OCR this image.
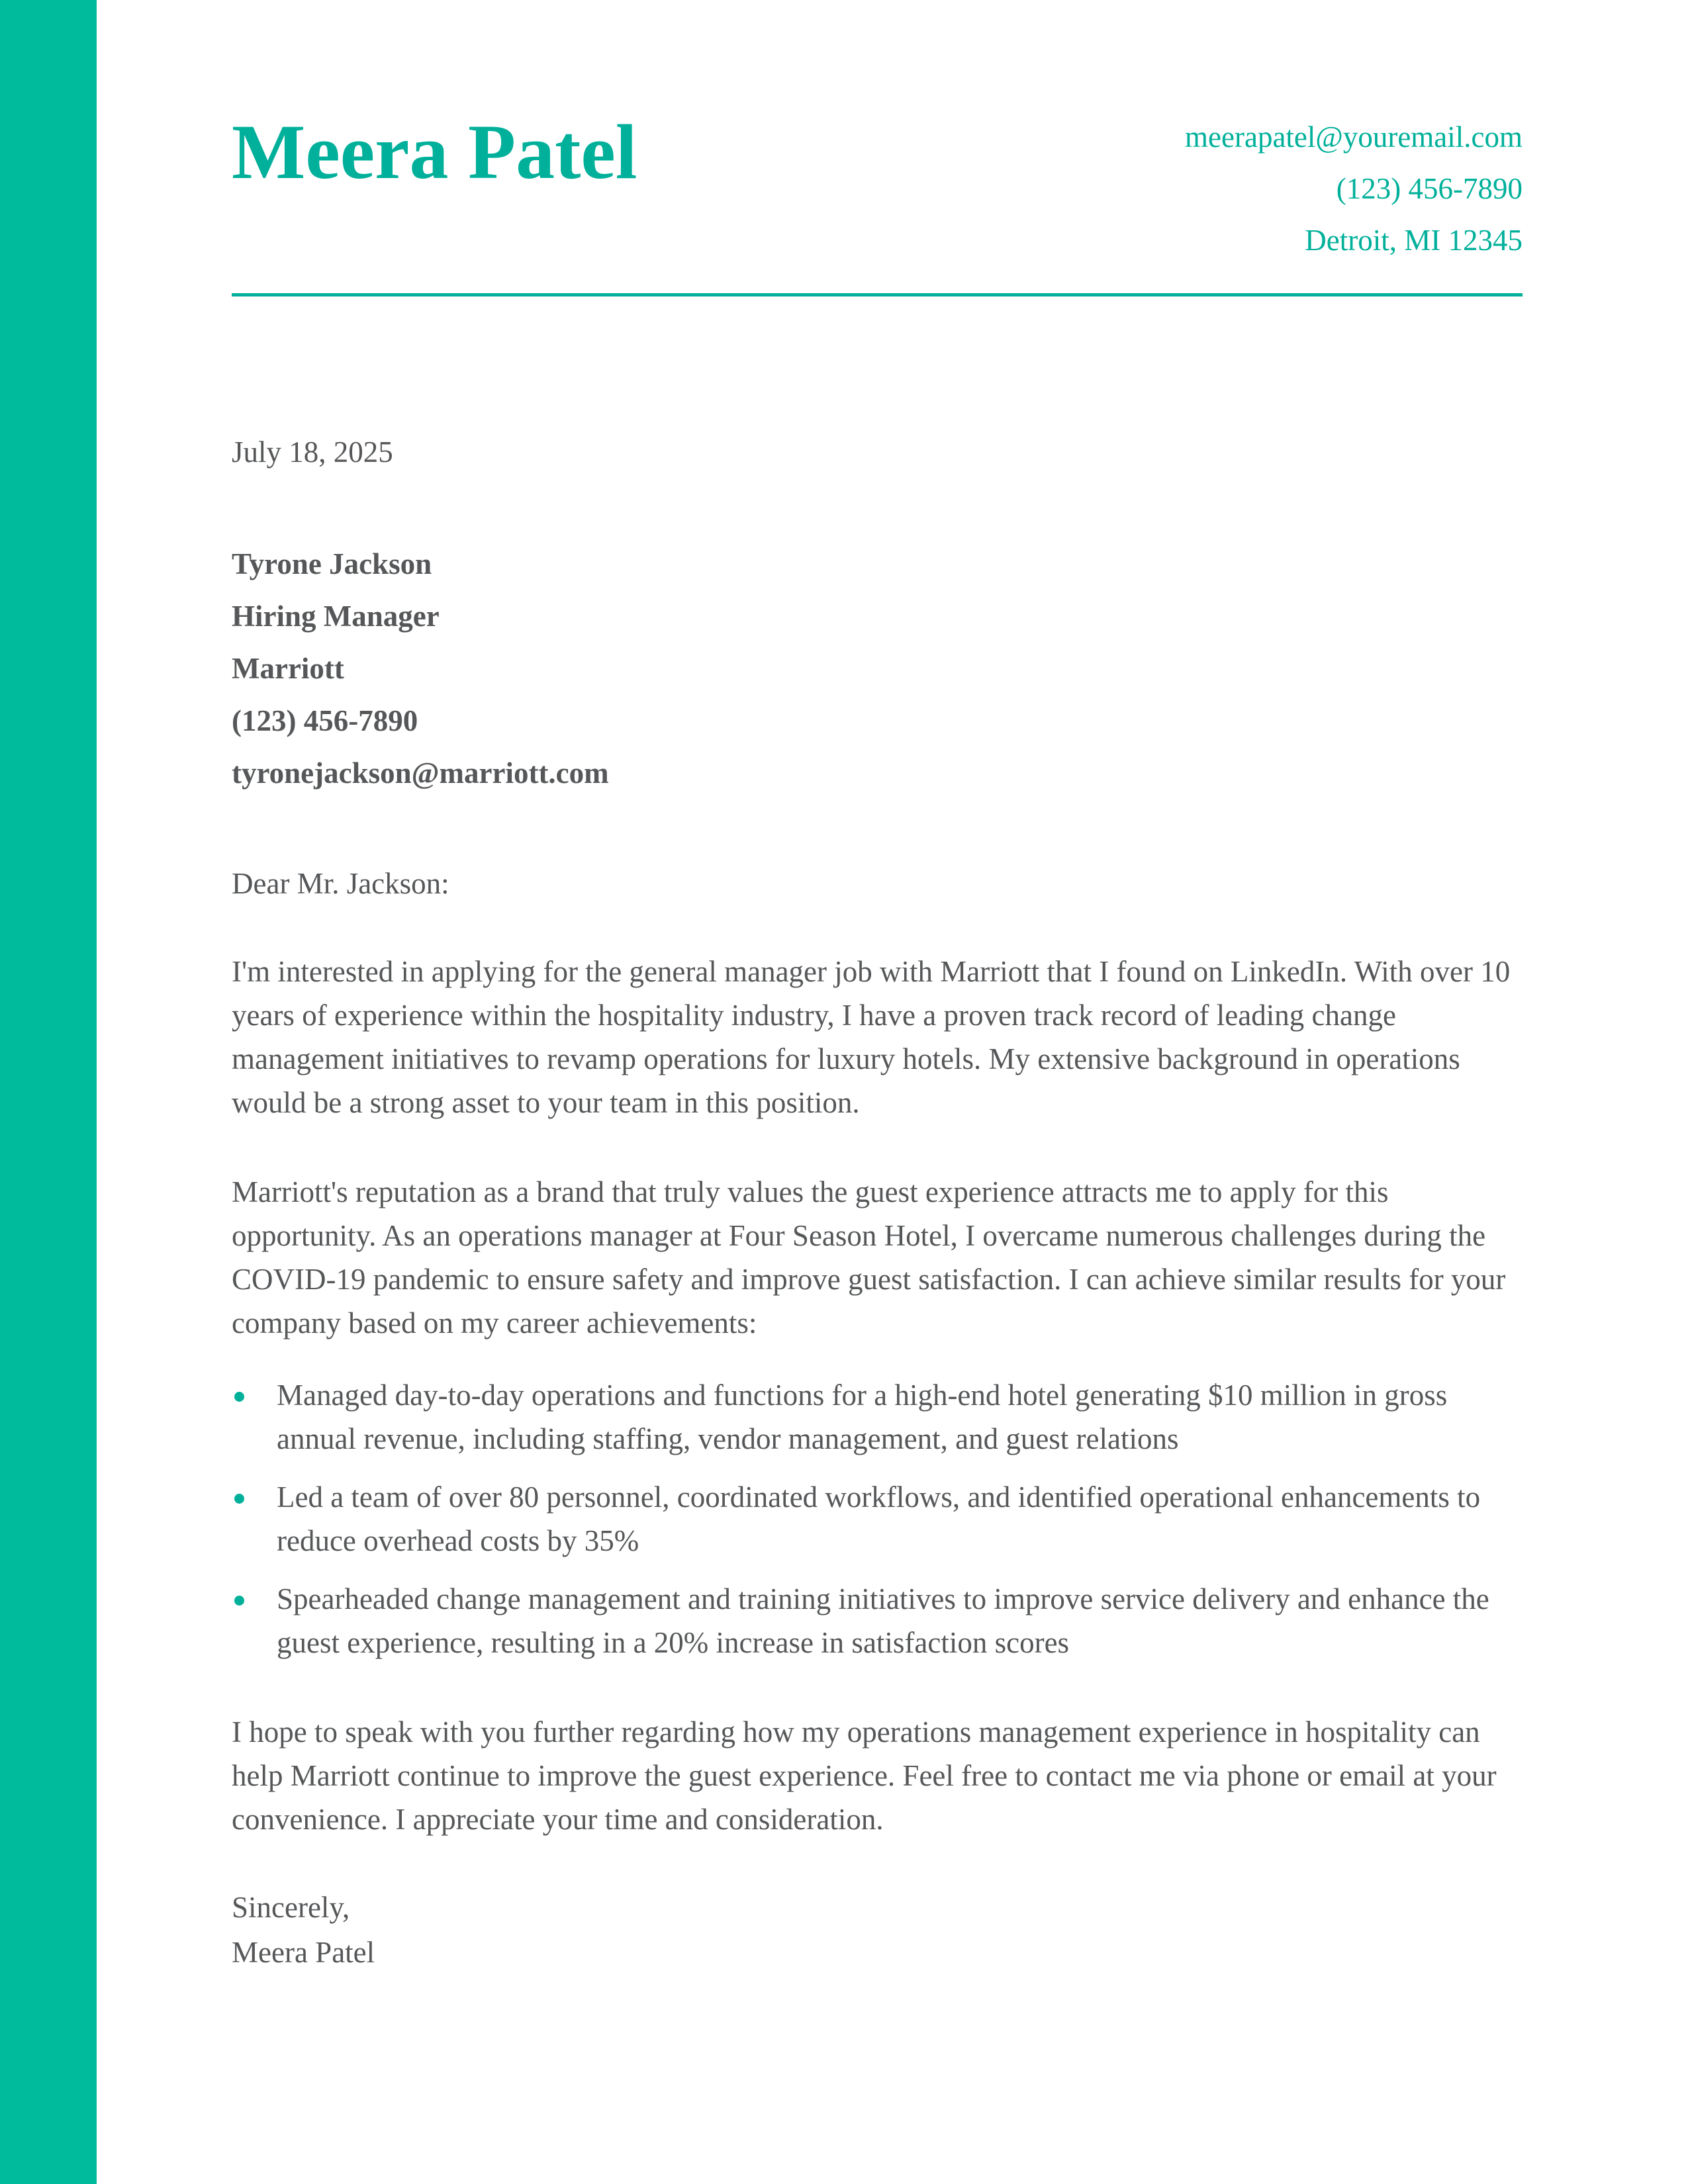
Meera Patel	meerapatel@youremail.com
(123) 456-7890
Detroit, MI 12345
July 18, 2025
Tyrone Jackson
Hiring Manager
Marriott
(123) 456-7890
tyronejackson@marriott.com
Dear Mr. Jackson:

I'm interested in applying for the general manager job with Marriott that I found on LinkedIn. With over 10 years of experience within the hospitality industry, I have a proven track record of leading change management initiatives to revamp operations for luxury hotels. My extensive background in operations would be a strong asset to your team in this position.

Marriott's reputation as a brand that truly values the guest experience attracts me to apply for this opportunity. As an operations manager at Four Season Hotel, I overcame numerous challenges during the COVID-19 pandemic to ensure safety and improve guest satisfaction. I can achieve similar results for your company based on my career achievements:

Managed day-to-day operations and functions for a high-end hotel generating $10 million in gross annual revenue, including staffing, vendor management, and guest relations
Led a team of over 80 personnel, coordinated workflows, and identified operational enhancements to reduce overhead costs by 35%
Spearheaded change management and training initiatives to improve service delivery and enhance the guest experience, resulting in a 20% increase in satisfaction scores

I hope to speak with you further regarding how my operations management experience in hospitality can help Marriott continue to improve the guest experience. Feel free to contact me via phone or email at your convenience. I appreciate your time and consideration.

Sincerely,
Meera Patel
